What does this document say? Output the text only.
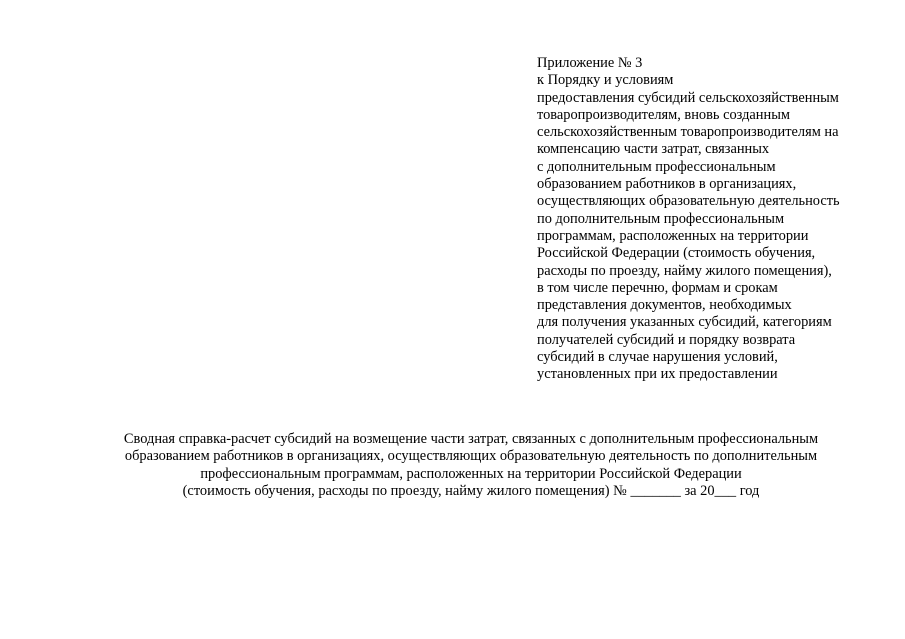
Приложение № 3
к Порядку и условиям
предоставления субсидий сельскохозяйственным
товаропроизводителям, вновь созданным
сельскохозяйственным товаропроизводителям на
компенсацию части затрат, связанных
с дополнительным профессиональным
образованием работников в организациях,
осуществляющих образовательную деятельность
по дополнительным профессиональным
программам, расположенных на территории
Российской Федерации (стоимость обучения,
расходы по проезду, найму жилого помещения),
в том числе перечню, формам и срокам
представления документов, необходимых
для получения указанных субсидий, категориям
получателей субсидий и порядку возврата
субсидий в случае нарушения условий,
установленных при их предоставлении
Сводная справка-расчет субсидий на возмещение части затрат, связанных с дополнительным профессиональным
образованием работников в организациях, осуществляющих образовательную деятельность по дополнительным
профессиональным программам, расположенных на территории Российской Федерации
(стоимость обучения, расходы по проезду, найму жилого помещения) № _______ за 20___ год
